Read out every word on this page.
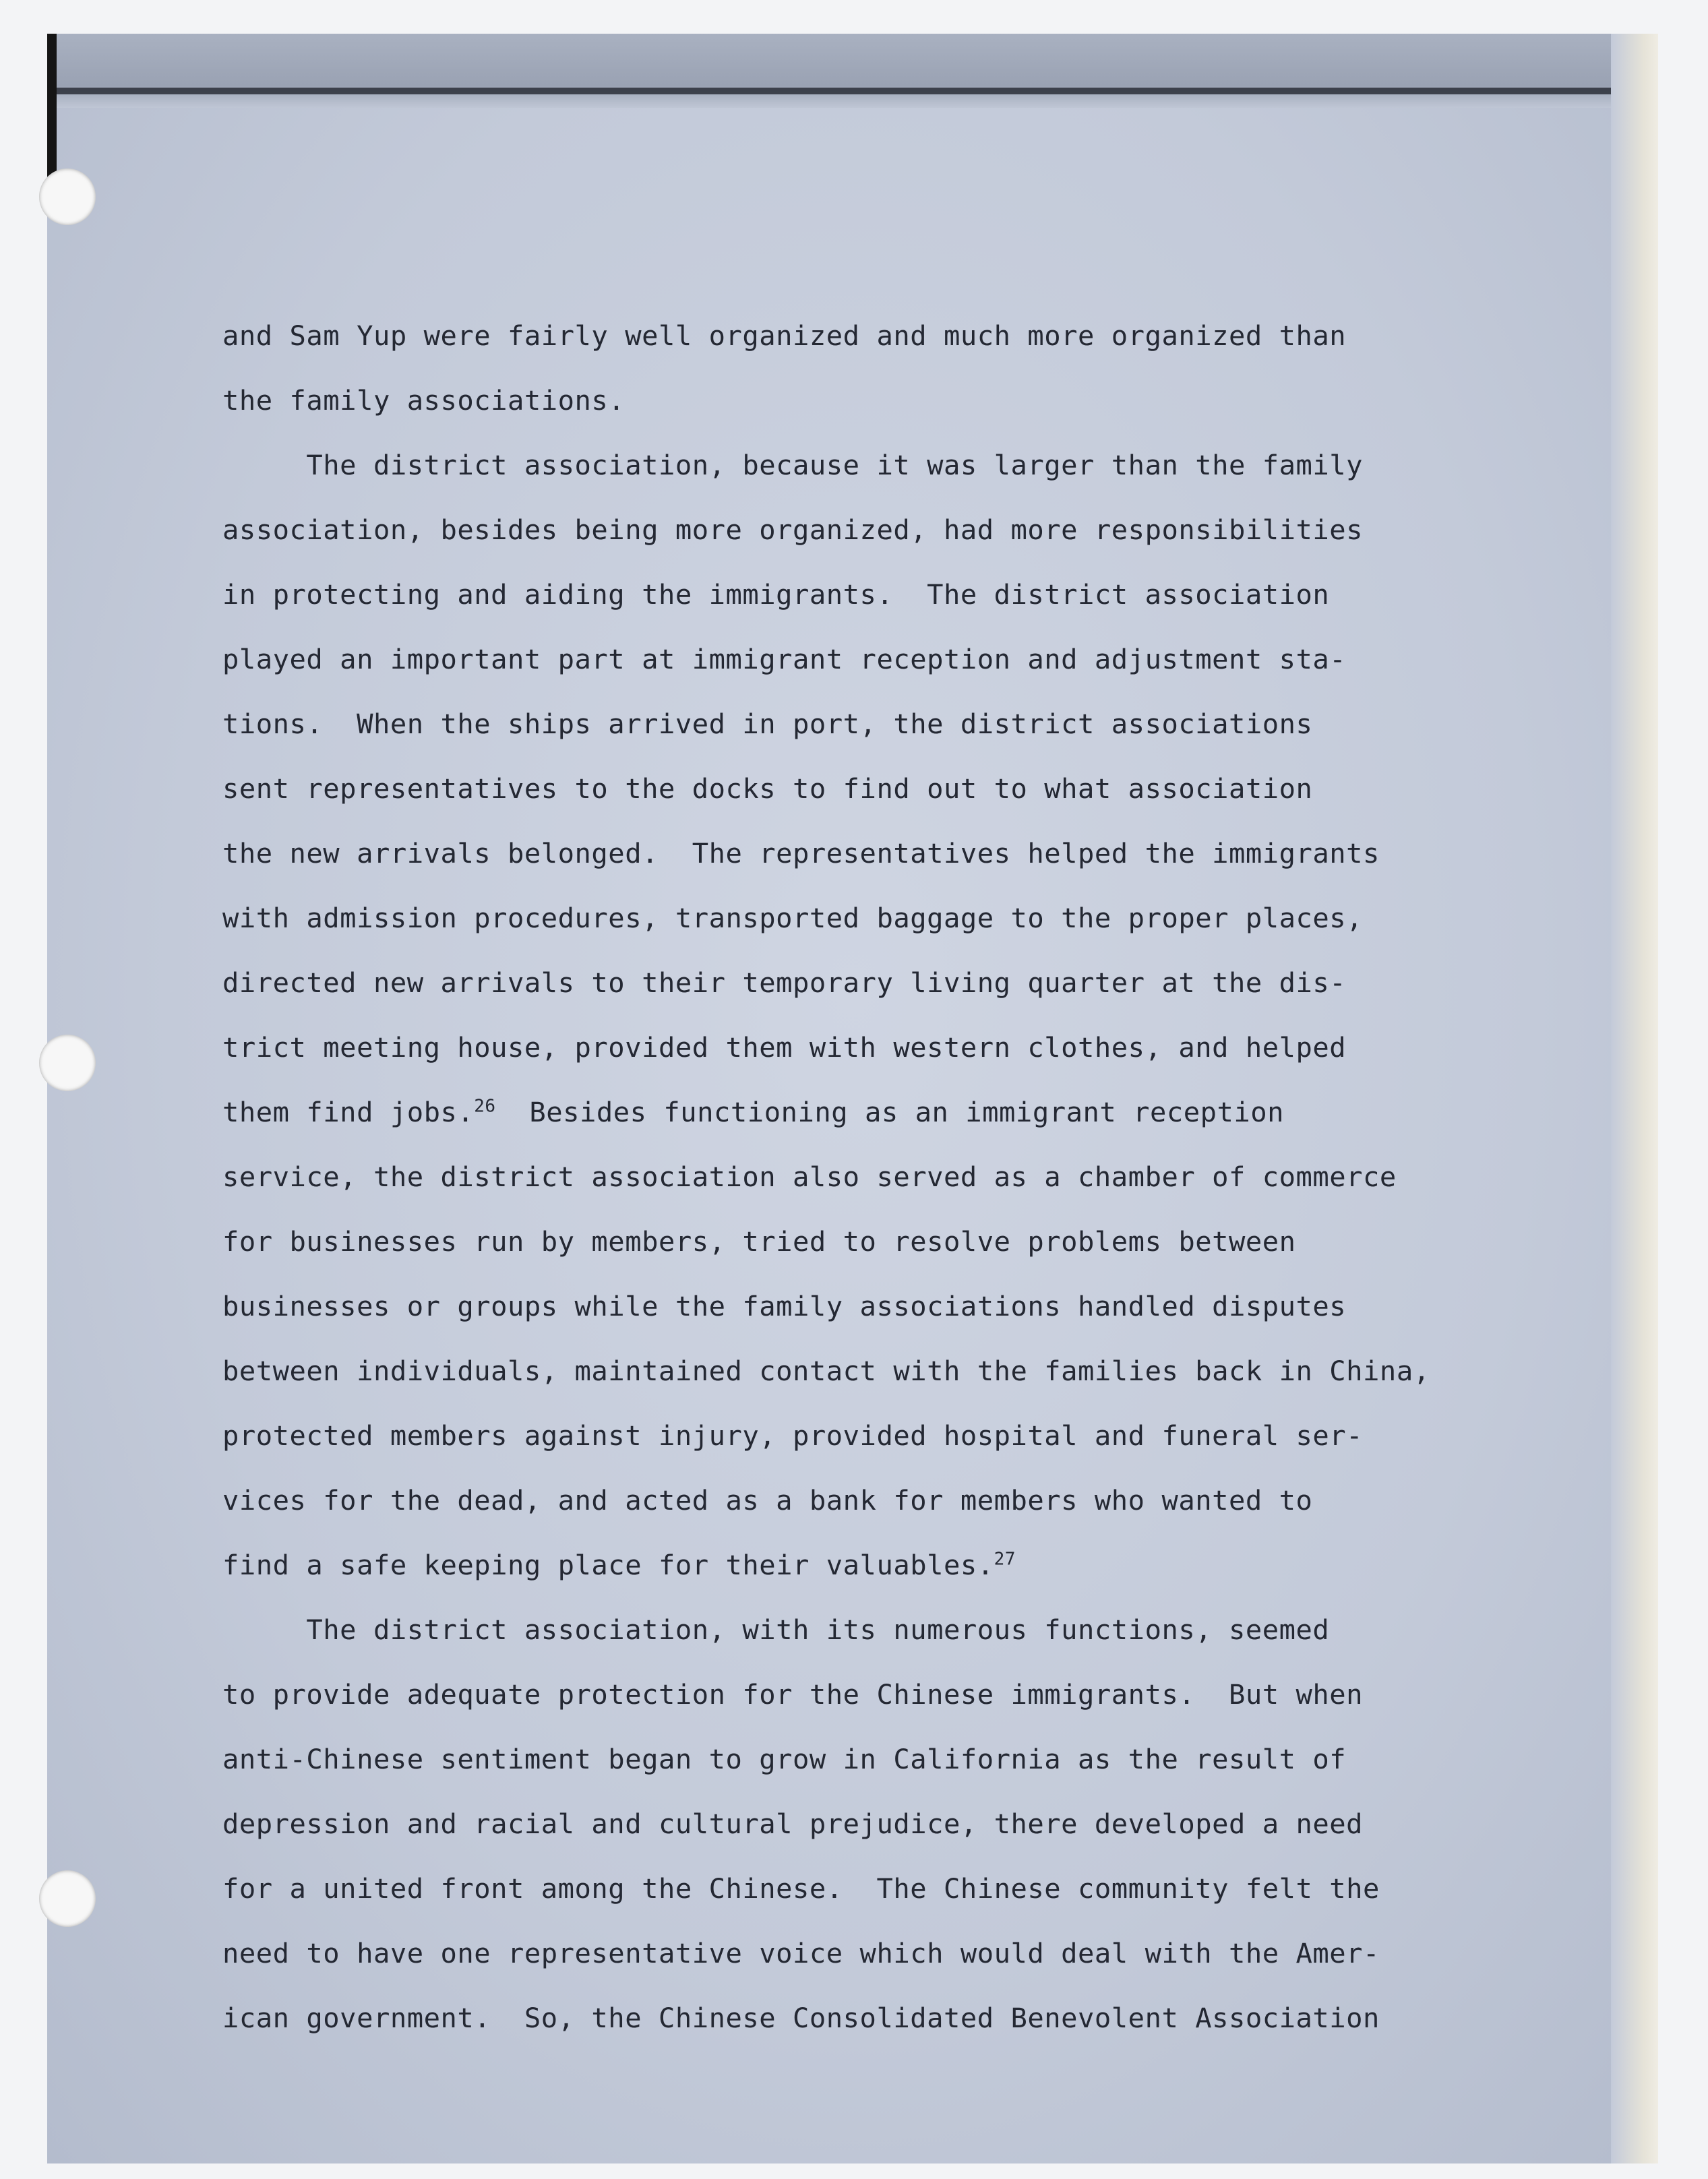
and Sam Yup were fairly well organized and much more organized than
the family associations.
The district association, because it was larger than the family
association, besides being more organized, had more responsibilities
in protecting and aiding the immigrants.  The district association
played an important part at immigrant reception and adjustment sta-
tions.  When the ships arrived in port, the district associations
sent representatives to the docks to find out to what association
the new arrivals belonged.  The representatives helped the immigrants
with admission procedures, transported baggage to the proper places,
directed new arrivals to their temporary living quarter at the dis-
trict meeting house, provided them with western clothes, and helped
them find jobs.$^{26}$  Besides functioning as an immigrant reception
service, the district association also served as a chamber of commerce
for businesses run by members, tried to resolve problems between
businesses or groups while the family associations handled disputes
between individuals, maintained contact with the families back in China,
protected members against injury, provided hospital and funeral ser-
vices for the dead, and acted as a bank for members who wanted to
find a safe keeping place for their valuables.$^{27}$
The district association, with its numerous functions, seemed
to provide adequate protection for the Chinese immigrants.  But when
anti-Chinese sentiment began to grow in California as the result of
depression and racial and cultural prejudice, there developed a need
for a united front among the Chinese.  The Chinese community felt the
need to have one representative voice which would deal with the Amer-
ican government.  So, the Chinese Consolidated Benevolent Association
